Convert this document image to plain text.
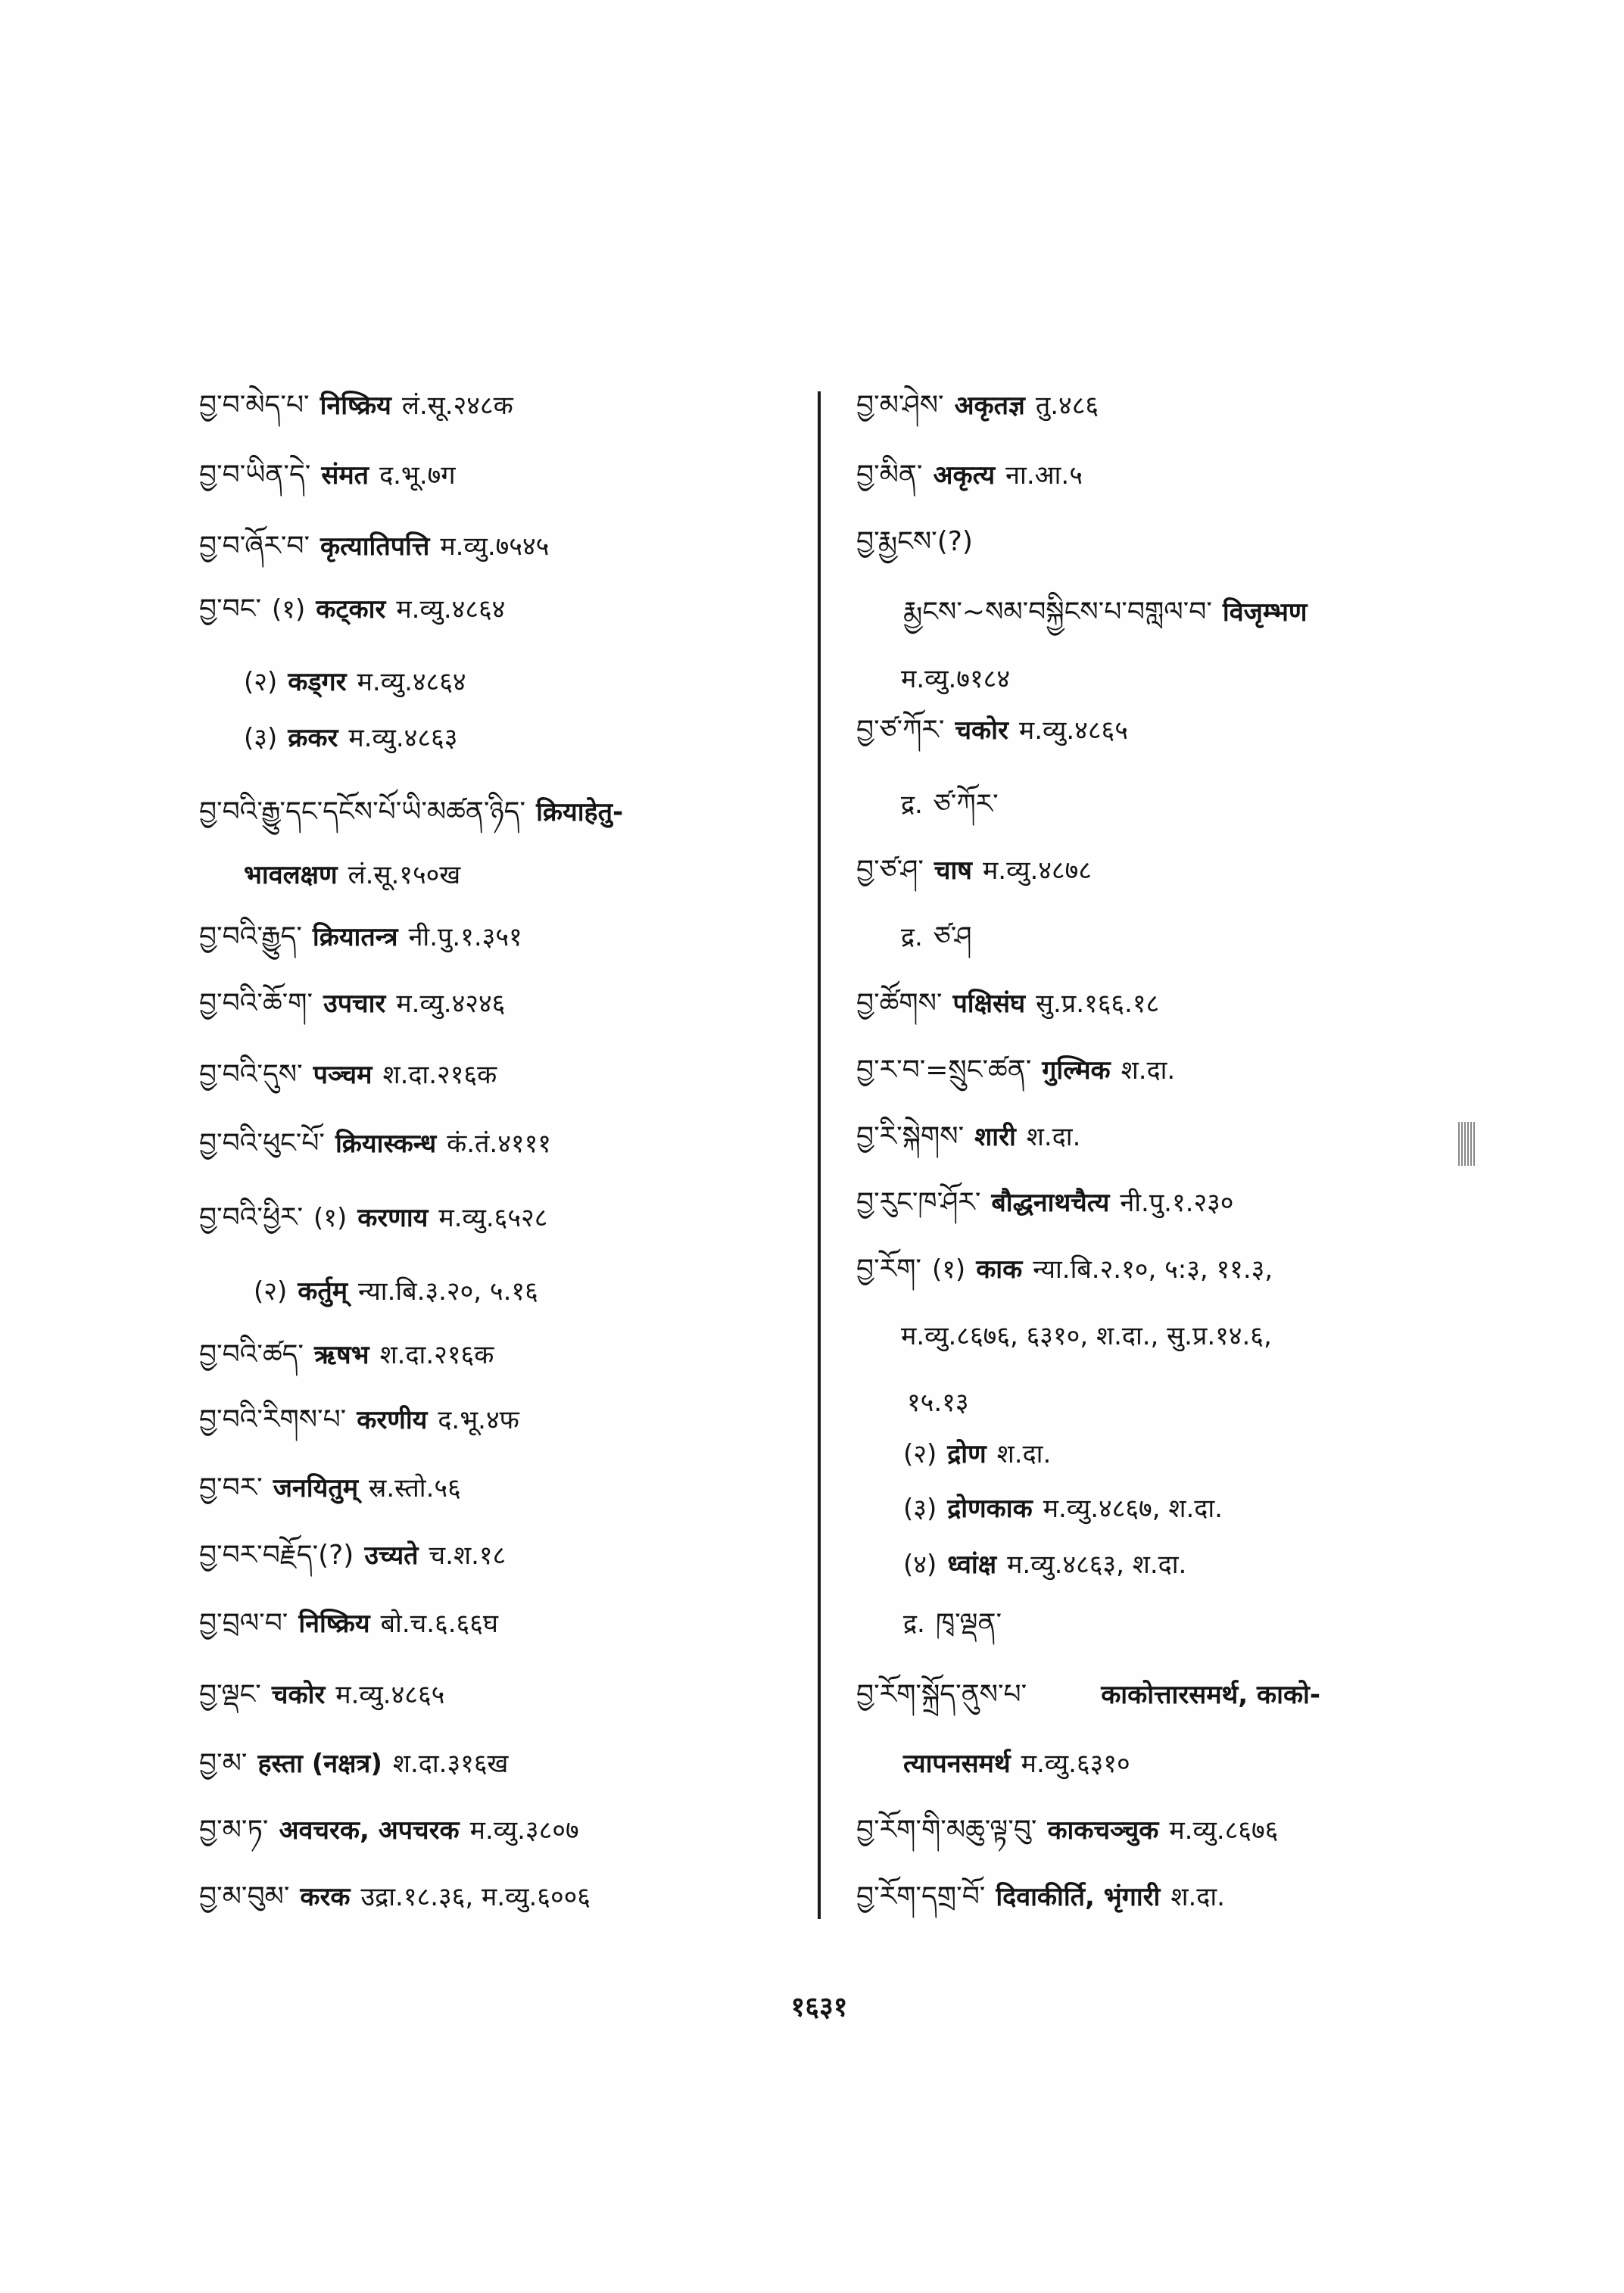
བྱ་བ་མེད་པ་ निष्क्रिय लं.सू.२४८क
བྱ་བ་ཡིན་དེ་ संमत द.भू.७ग
བྱ་བ་ཞོར་བ་ कृत्यातिपत्ति म.व्यु.७५४५
བྱ་བང་ (१) कट्कार म.व्यु.४८६४
(२) कड्गर म.व्यु.४८६४
(३) क्रकर म.व्यु.४८६३
བྱ་བའི་རྒྱུ་དང་དངོས་པོ་ཡི་མཚན་ཉིད་ क्रियाहेतु-
भावलक्षण लं.सू.१५०ख
བྱ་བའི་རྒྱུད་ क्रियातन्त्र नी.पु.१.३५१
བྱ་བའི་ཆོ་ག་ उपचार म.व्यु.४२४६
བྱ་བའི་དུས་ पञ्चम श.दा.२१६क
བྱ་བའི་ཕུང་པོ་ क्रियास्कन्ध कं.तं.४१११
བྱ་བའི་ཕྱིར་ (१) करणाय म.व्यु.६५२८
(२) कर्तुम् न्या.बि.३.२०, ५.१६
བྱ་བའི་ཚད་ ऋषभ श.दा.२१६क
བྱ་བའི་རིགས་པ་ करणीय द.भू.४फ
བྱ་བར་ जनयितुम् स्र.स्तो.५६
བྱ་བར་བརྗོད་(?) उच्यते च.श.१८
བྱ་བྲལ་བ་ निष्क्रिय बो.च.६.६६घ
བྱ་ལྡང་ चकोर म.व्यु.४८६५
བྱ་མ་ हस्ता (नक्षत्र) श.दा.३१६ख
བྱ་མ་ཏ་ अवचरक, अपचरक म.व्यु.३८०७
བྱ་མ་བུམ་ करक उद्रा.१८.३६, म.व्यु.६००६
བྱ་མ་ཤེས་ अकृतज्ञ तु.४८६
བྱ་མིན་ अकृत्य ना.आ.५
བྱ་རྨྱངས་(?)
རྨྱངས་~སམ་བསྐྱིངས་པ་བགླལ་བ་ विजृम्भण
म.व्यु.७१८४
བྱ་ཙ་ཀོར་ चकोर म.व्यु.४८६५
द्र. ཙ་ཀོར་
བྱ་ཙ་ཤ་ चाष म.व्यु.४८७८
द्र. ཙ་ཤ
བྱ་ཚོགས་ पक्षिसंघ सु.प्र.१६६.१८
བྱ་ར་བ་=སྲུང་ཚན་ गुल्मिक श.दा.
བྱ་རི་སྐེགས་ शारी श.दा.
བྱ་རུང་ཁ་ཤོར་ बौद्धनाथचैत्य नी.पु.१.२३०
བྱ་རོག་ (१) काक न्या.बि.२.१०, ५:३, ११.३,
म.व्यु.८६७६, ६३१०, श.दा., सु.प्र.१४.६,
१५.१३
(२) द्रोण श.दा.
(३) द्रोणकाक म.व्यु.४८६७, श.दा.
(४) ध्वांक्ष म.व्यु.४८६३, श.दा.
द्र. ཁྭ་ལྡན་
བྱ་རོག་སྐྲོད་ནུས་པ་	काकोत्तारसमर्थ, काको-
त्यापनसमर्थ म.व्यु.६३१०
བྱ་རོག་གི་མཆུ་ལྟ་བུ་ काकचञ्चुक म.व्यु.८६७६
བྱ་རོག་དགྲ་བོ་ दिवाकीर्ति, भृंगारी श.दा.
१६३१
